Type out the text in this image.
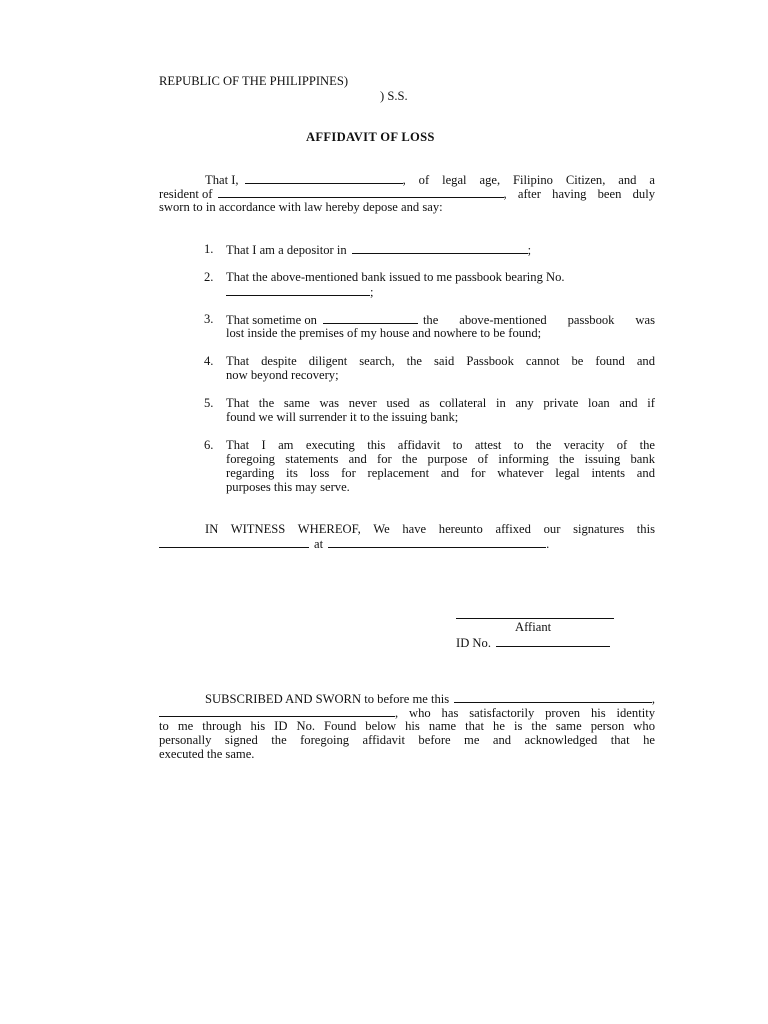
REPUBLIC OF THE PHILIPPINES)
) S.S.
AFFIDAVIT OF LOSS
That I,	, of legal age, Filipino Citizen, and a
resident of	, after having been duly
sworn to in accordance with law hereby depose and say:
1. That I am a depositor in	;
2. That the above-mentioned bank issued to me passbook bearing No.
;
3. That sometime on	the above-mentioned passbook was
lost inside the premises of my house and nowhere to be found;
4. That despite diligent search, the said Passbook cannot be found and
now beyond recovery;
5. That the same was never used as collateral in any private loan and if
found we will surrender it to the issuing bank;
6. That I am executing this affidavit to attest to the veracity of the
foregoing statements and for the purpose of informing the issuing bank
regarding its loss for replacement and for whatever legal intents and
purposes this may serve.
IN WITNESS WHEREOF, We have hereunto affixed our signatures this
at	.
Affiant
ID No.
SUBSCRIBED AND SWORN to before me this	,
, who has satisfactorily proven his identity
to me through his ID No. Found below his name that he is the same person who
personally signed the foregoing affidavit before me and acknowledged that he
executed the same.
